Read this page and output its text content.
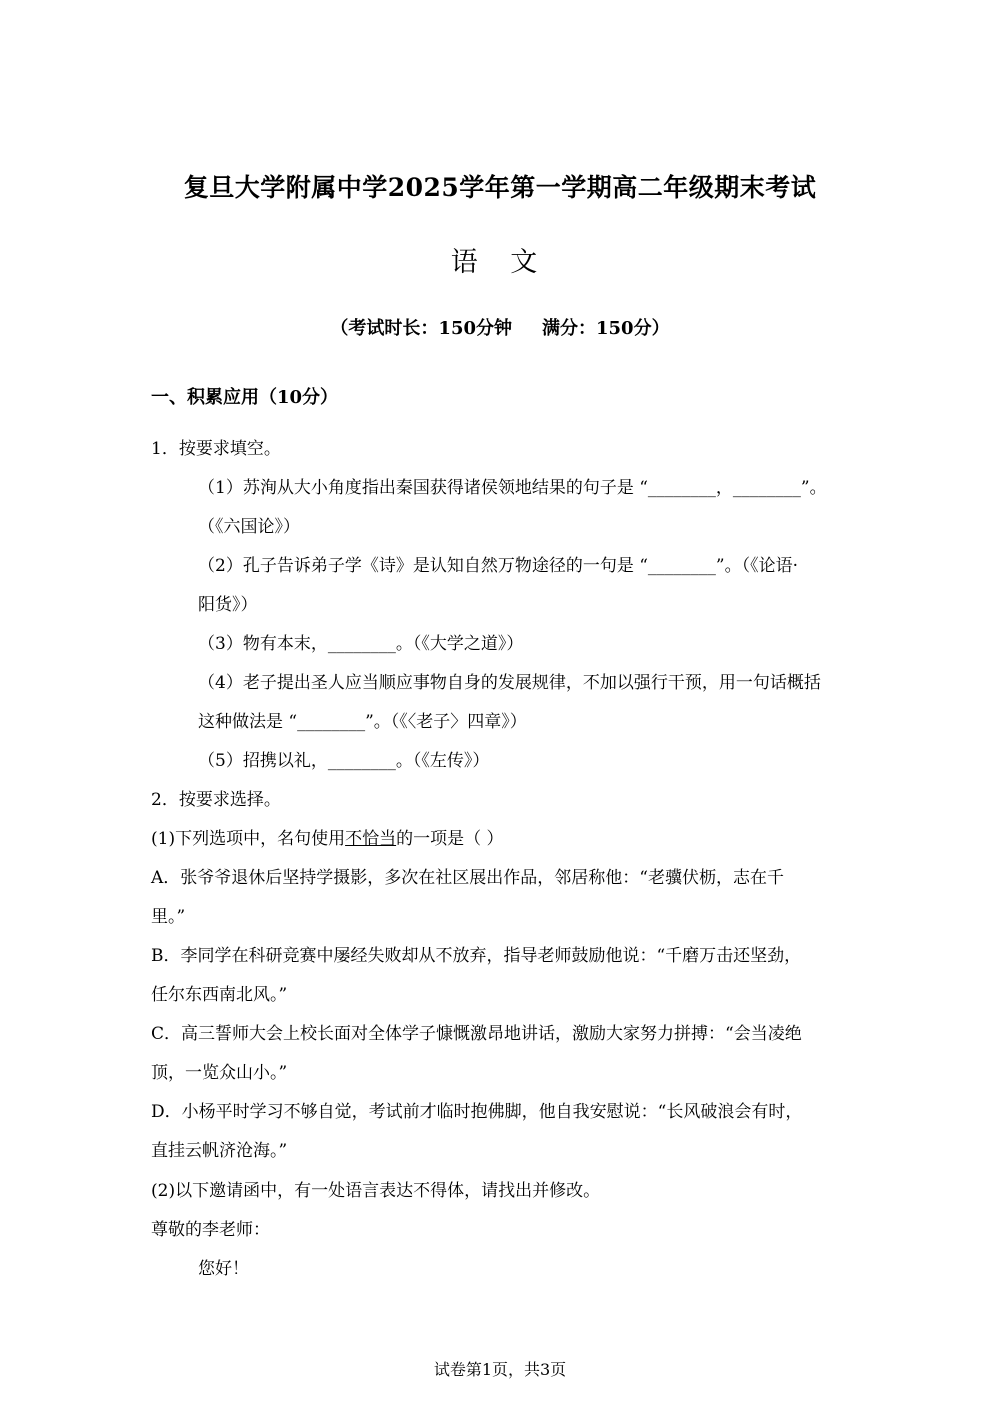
复旦大学附属中学2025学年第一学期高二年级期末考试
语 文
（考试时长：150分钟 满分：150分）
一、积累应用（10分）
1．按要求填空。
（1）苏洵从大小角度指出秦国获得诸侯领地结果的句子是 “________，________”。
（《六国论》）
（2）孔子告诉弟子学《诗》是认知自然万物途径的一句是 “________”。（《论语·
阳货》）
（3）物有本末，________。（《大学之道》）
（4）老子提出圣人应当顺应事物自身的发展规律，不加以强行干预，用一句话概括
这种做法是 “________”。（《〈老子〉四章》）
（5）招携以礼，________。（《左传》）
2．按要求选择。
(1)下列选项中，名句使用不恰当的一项是（ ）
A．张爷爷退休后坚持学摄影，多次在社区展出作品，邻居称他：“老骥伏枥，志在千
里。”
B．李同学在科研竞赛中屡经失败却从不放弃，指导老师鼓励他说：“千磨万击还坚劲，
任尔东西南北风。”
C．高三誓师大会上校长面对全体学子慷慨激昂地讲话，激励大家努力拼搏：“会当凌绝
顶，一览众山小。”
D．小杨平时学习不够自觉，考试前才临时抱佛脚，他自我安慰说：“长风破浪会有时，
直挂云帆济沧海。”
(2)以下邀请函中，有一处语言表达不得体，请找出并修改。
尊敬的李老师：
您好！
试卷第1页，共3页
